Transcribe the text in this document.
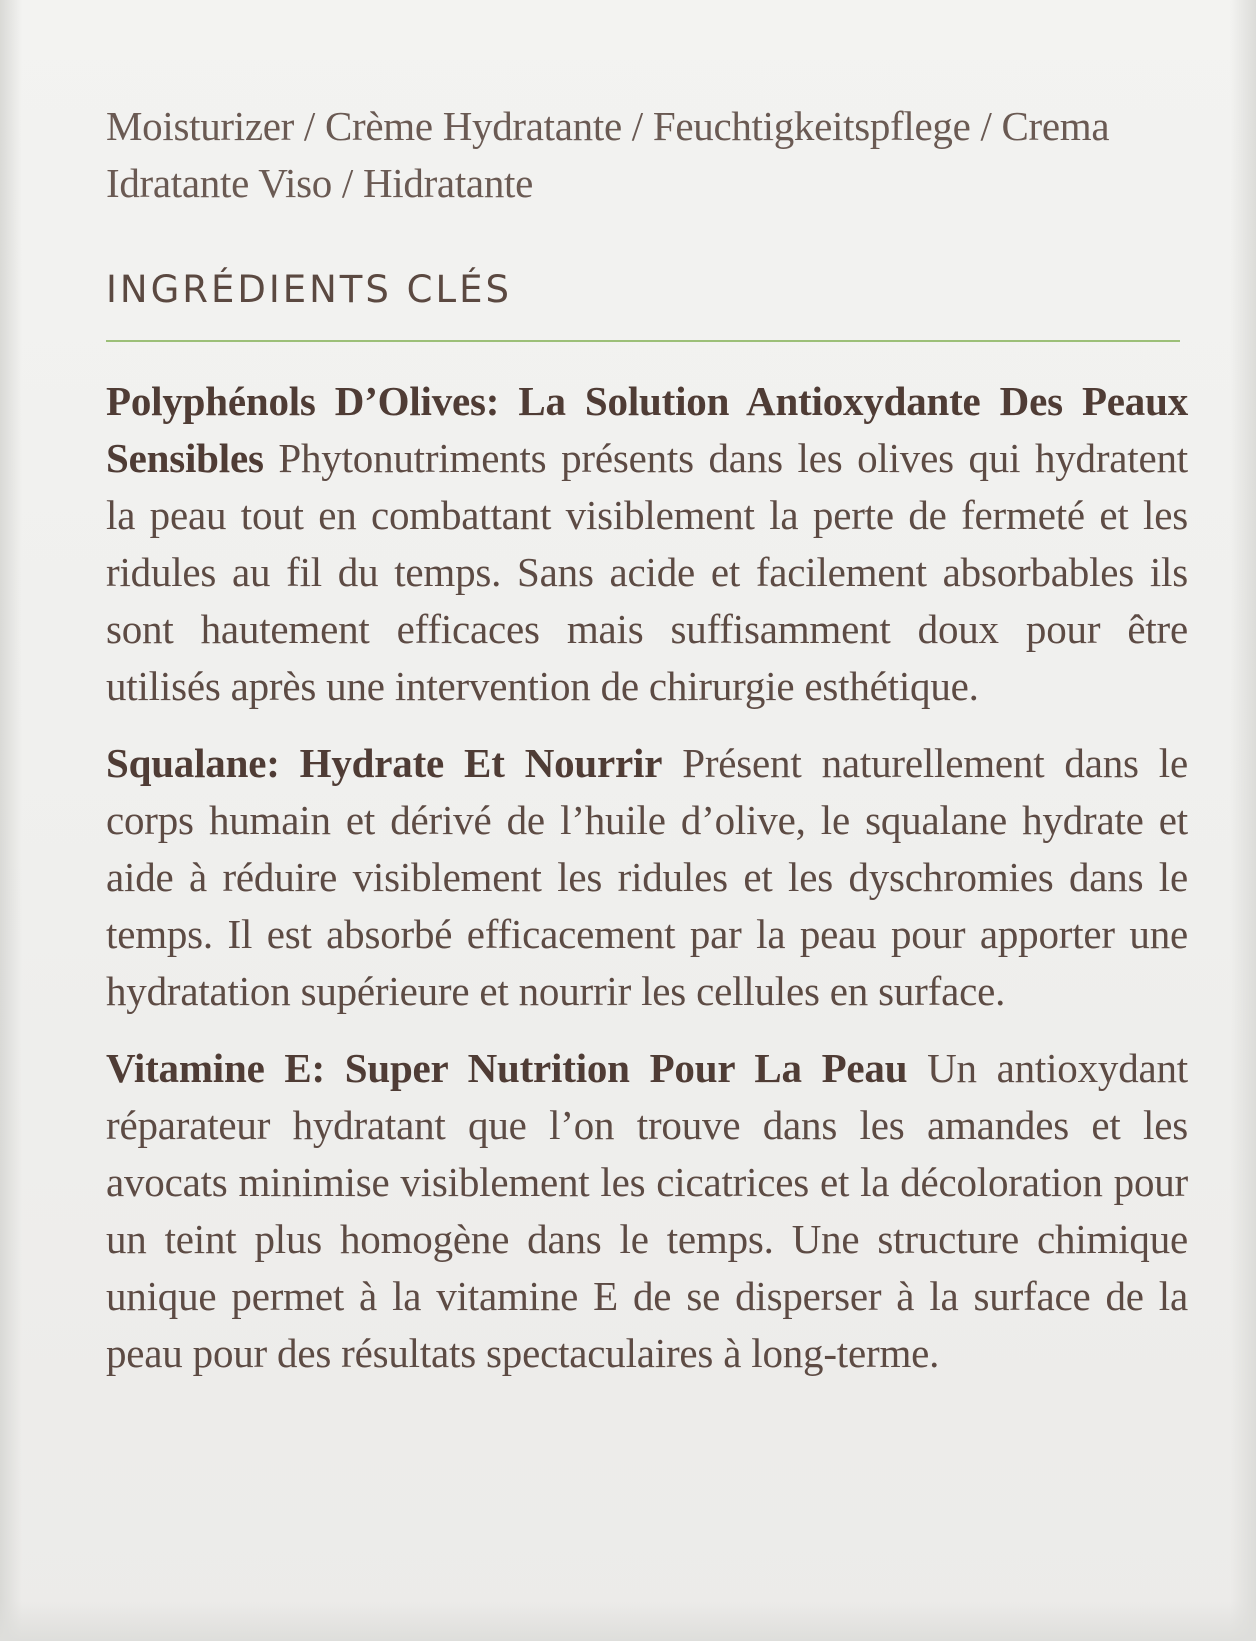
Moisturizer / Crème Hydratante / Feuchtigkeitspflege / Crema Idratante Viso / Hidratante

INGRÉDIENTS CLÉS

Polyphénols D’Olives: La Solution Antioxydante Des Peaux Sensibles Phytonutriments présents dans les olives qui hydratent la peau tout en combattant visiblement la perte de fermeté et les ridules au fil du temps. Sans acide et facilement absorbables ils sont hautement efficaces mais suffisamment doux pour être utilisés après une intervention de chirurgie esthétique.

Squalane: Hydrate Et Nourrir Présent naturellement dans le corps humain et dérivé de l’huile d’olive, le squalane hydrate et aide à réduire visiblement les ridules et les dyschromies dans le temps. Il est absorbé efficacement par la peau pour apporter une hydratation supérieure et nourrir les cellules en surface.

Vitamine E: Super Nutrition Pour La Peau Un antioxydant réparateur hydratant que l’on trouve dans les amandes et les avocats minimise visiblement les cicatrices et la décoloration pour un teint plus homogène dans le temps. Une structure chimique unique permet à la vitamine E de se disperser à la surface de la peau pour des résultats spectaculaires à long-terme.
